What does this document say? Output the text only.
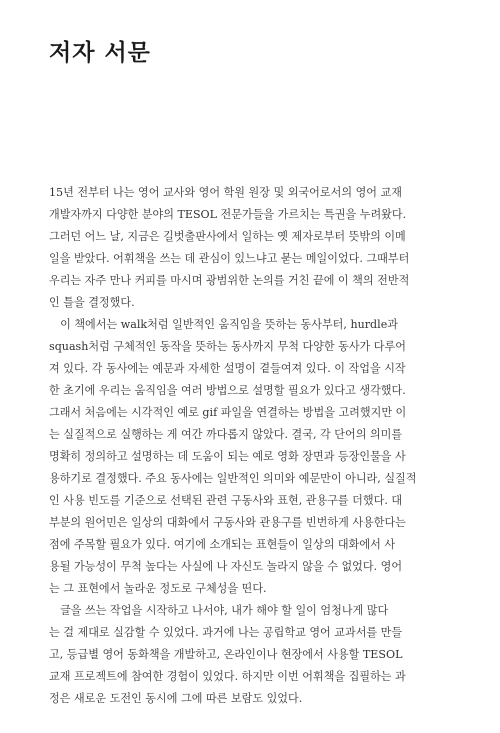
저자 서문
15년 전부터 나는 영어 교사와 영어 학원 원장 및 외국어로서의 영어 교재
개발자까지 다양한 분야의 TESOL 전문가들을 가르치는 특권을 누려왔다.
그러던 어느 날, 지금은 길벗출판사에서 일하는 옛 제자로부터 뜻밖의 이메
일을 받았다. 어휘책을 쓰는 데 관심이 있느냐고 묻는 메일이었다. 그때부터
우리는 자주 만나 커피를 마시며 광범위한 논의를 거친 끝에 이 책의 전반적
인 틀을 결정했다.
　이 책에서는 walk처럼 일반적인 움직임을 뜻하는 동사부터, hurdle과
squash처럼 구체적인 동작을 뜻하는 동사까지 무척 다양한 동사가 다루어
져 있다. 각 동사에는 예문과 자세한 설명이 곁들여져 있다. 이 작업을 시작
한 초기에 우리는 움직임을 여러 방법으로 설명할 필요가 있다고 생각했다.
그래서 처음에는 시각적인 예로 gif 파일을 연결하는 방법을 고려했지만 이
는 실질적으로 실행하는 게 여간 까다롭지 않았다. 결국, 각 단어의 의미를
명확히 정의하고 설명하는 데 도움이 되는 예로 영화 장면과 등장인물을 사
용하기로 결정했다. 주요 동사에는 일반적인 의미와 예문만이 아니라, 실질적
인 사용 빈도를 기준으로 선택된 관련 구동사와 표현, 관용구를 더했다. 대
부분의 원어민은 일상의 대화에서 구동사와 관용구를 빈번하게 사용한다는
점에 주목할 필요가 있다. 여기에 소개되는 표현들이 일상의 대화에서 사
용될 가능성이 무척 높다는 사실에 나 자신도 놀라지 않을 수 없었다. 영어
는 그 표현에서 놀라운 정도로 구체성을 띤다.
　글을 쓰는 작업을 시작하고 나서야, 내가 해야 할 일이 엄청나게 많다
는 걸 제대로 실감할 수 있었다. 과거에 나는 공립학교 영어 교과서를 만들
고, 등급별 영어 동화책을 개발하고, 온라인이나 현장에서 사용할 TESOL
교재 프로젝트에 참여한 경험이 있었다. 하지만 이번 어휘책을 집필하는 과
정은 새로운 도전인 동시에 그에 따른 보람도 있었다.
